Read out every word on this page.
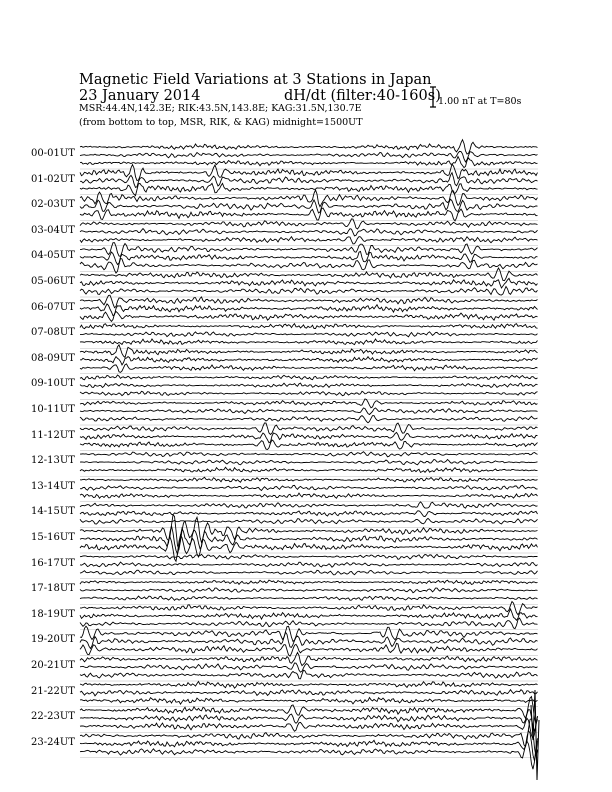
Magnetic Field Variations at 3 Stations in Japan
23 January 2014	dH/dt (filter:40-160s)
MSR:44.4N,142.3E; RIK:43.5N,143.8E; KAG:31.5N,130.7E
(from bottom to top, MSR, RIK, & KAG) midnight=1500UT
1.00 nT at T=80s
00-01UT
01-02UT
02-03UT
03-04UT
04-05UT
05-06UT
06-07UT
07-08UT
08-09UT
09-10UT
10-11UT
11-12UT
12-13UT
13-14UT
14-15UT
15-16UT
16-17UT
17-18UT
18-19UT
19-20UT
20-21UT
21-22UT
22-23UT
23-24UT
